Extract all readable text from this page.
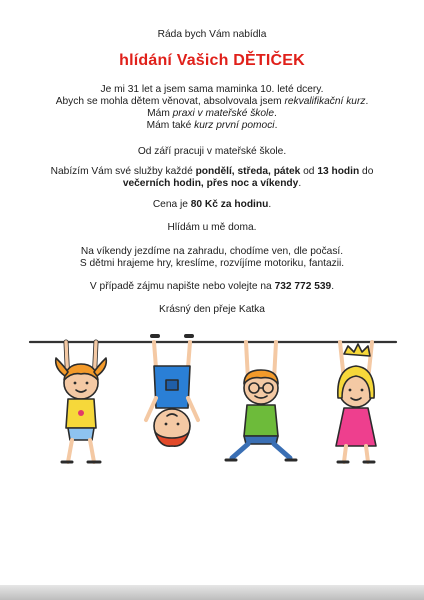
Ráda bych Vám nabídla
hlídání Vašich DĚTIČEK
Je mi 31 let a jsem sama maminka 10. leté dcery.
Abych se mohla dětem věnovat, absolvovala jsem rekvalifikační kurz.
Mám praxi v mateřské škole.
Mám také kurz první pomoci.
Od září pracuji v mateřské škole.
Nabízím Vám své služby každé pondělí, středa, pátek od 13 hodin do
večerních hodin, přes noc a víkendy.
Cena je 80 Kč za hodinu.
Hlídám u mě doma.
Na víkendy jezdíme na zahradu, chodíme ven, dle počasí.
S dětmi hrajeme hry, kreslíme, rozvíjíme motoriku, fantazii.
V případě zájmu napište nebo volejte na 732 772 539.
Krásný den přeje Katka
